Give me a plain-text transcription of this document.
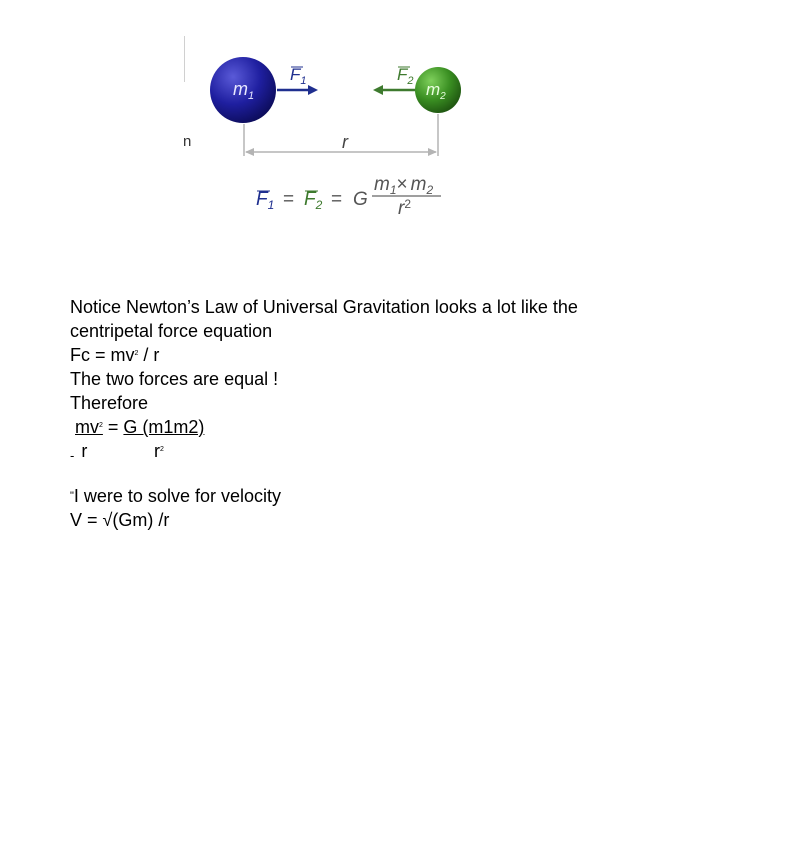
$m_1$
$F_1$	$F_2$ $m_2$
n	r
$F_1 = F_2 = G$
$m_1\times m_2$
$r^2$
Notice Newton’s Law of Universal Gravitation looks a lot like the
centripetal force equation
$Fc = mv^2 / r$
The two forces are equal !
Therefore
$mv^2 = G$ (m1m2)
- r	$r^2$
"I were to solve for velocity
V = √(Gm) /r
